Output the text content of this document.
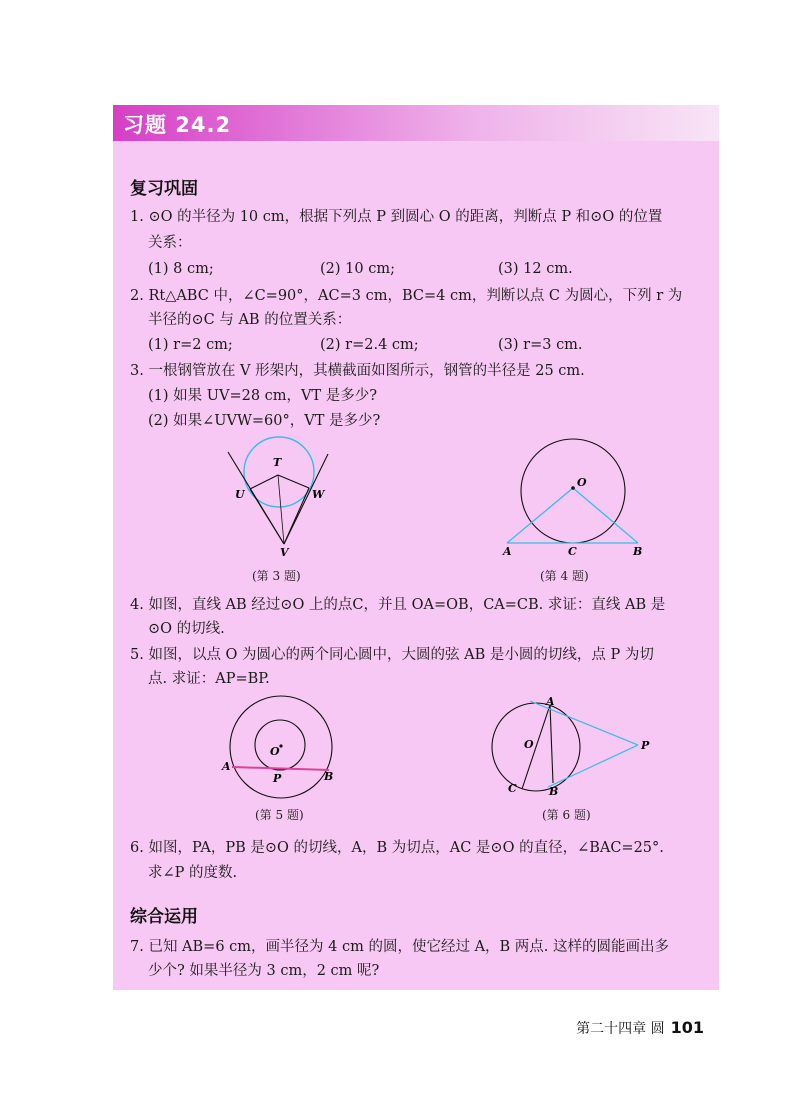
习题 24.2
复习巩固
1. ⊙O 的半径为 10 cm，根据下列点 P 到圆心 O 的距离，判断点 P 和⊙O 的位置
关系：
(1) 8 cm;	(2) 10 cm;	(3) 12 cm.
2. Rt△ABC 中，∠C=90°，AC=3 cm，BC=4 cm，判断以点 C 为圆心，下列 r 为
半径的⊙C 与 AB 的位置关系：
(1) r=2 cm;	(2) r=2.4 cm;	(3) r=3 cm.
3. 一根钢管放在 V 形架内，其横截面如图所示，钢管的半径是 25 cm.
(1) 如果 UV=28 cm，VT 是多少?
(2) 如果∠UVW=60°，VT 是多少?
T
U	W
V
(第 3 题)
O
A	C	B
(第 4 题)
4. 如图，直线 AB 经过⊙O 上的点C，并且 OA=OB，CA=CB. 求证：直线 AB 是
⊙O 的切线.
5. 如图，以点 O 为圆心的两个同心圆中，大圆的弦 AB 是小圆的切线，点 P 为切
点. 求证：AP=BP.
O
A
P	B
(第 5 题)
A
O	P
C	B
(第 6 题)
6. 如图，PA，PB 是⊙O 的切线，A，B 为切点，AC 是⊙O 的直径，∠BAC=25°.
求∠P 的度数.
综合运用
7. 已知 AB=6 cm，画半径为 4 cm 的圆，使它经过 A，B 两点. 这样的圆能画出多
少个? 如果半径为 3 cm，2 cm 呢?
第二十四章 圆 101
